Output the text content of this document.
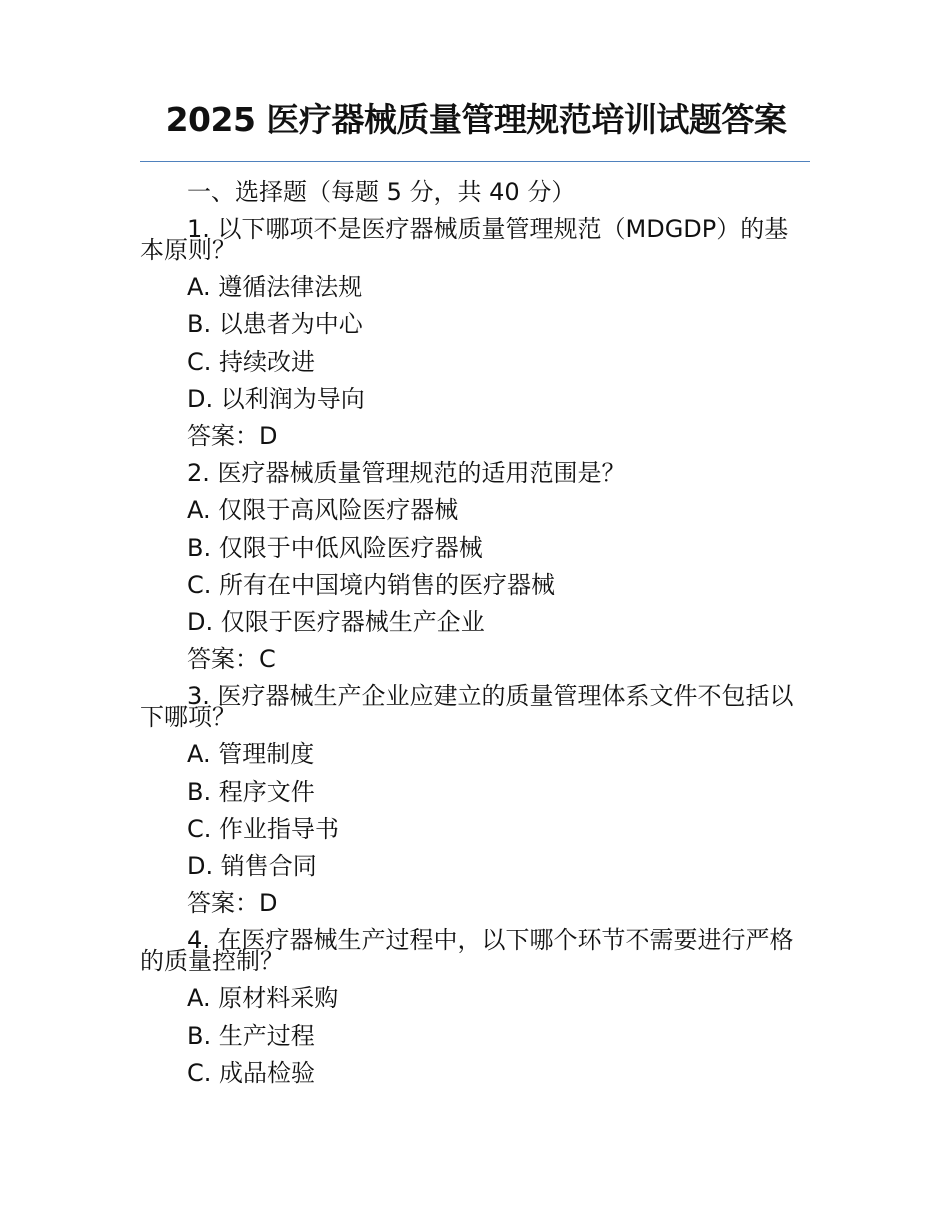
2025 医疗器械质量管理规范培训试题答案

一、选择题（每题 5 分，共 40 分）

1. 以下哪项不是医疗器械质量管理规范（MDGDP）的基本原则？

A. 遵循法律法规

B. 以患者为中心

C. 持续改进

D. 以利润为导向

答案：D

2. 医疗器械质量管理规范的适用范围是？

A. 仅限于高风险医疗器械

B. 仅限于中低风险医疗器械

C. 所有在中国境内销售的医疗器械

D. 仅限于医疗器械生产企业

答案：C

3. 医疗器械生产企业应建立的质量管理体系文件不包括以下哪项？

A. 管理制度

B. 程序文件

C. 作业指导书

D. 销售合同

答案：D

4. 在医疗器械生产过程中，以下哪个环节不需要进行严格的质量控制？

A. 原材料采购

B. 生产过程

C. 成品检验
